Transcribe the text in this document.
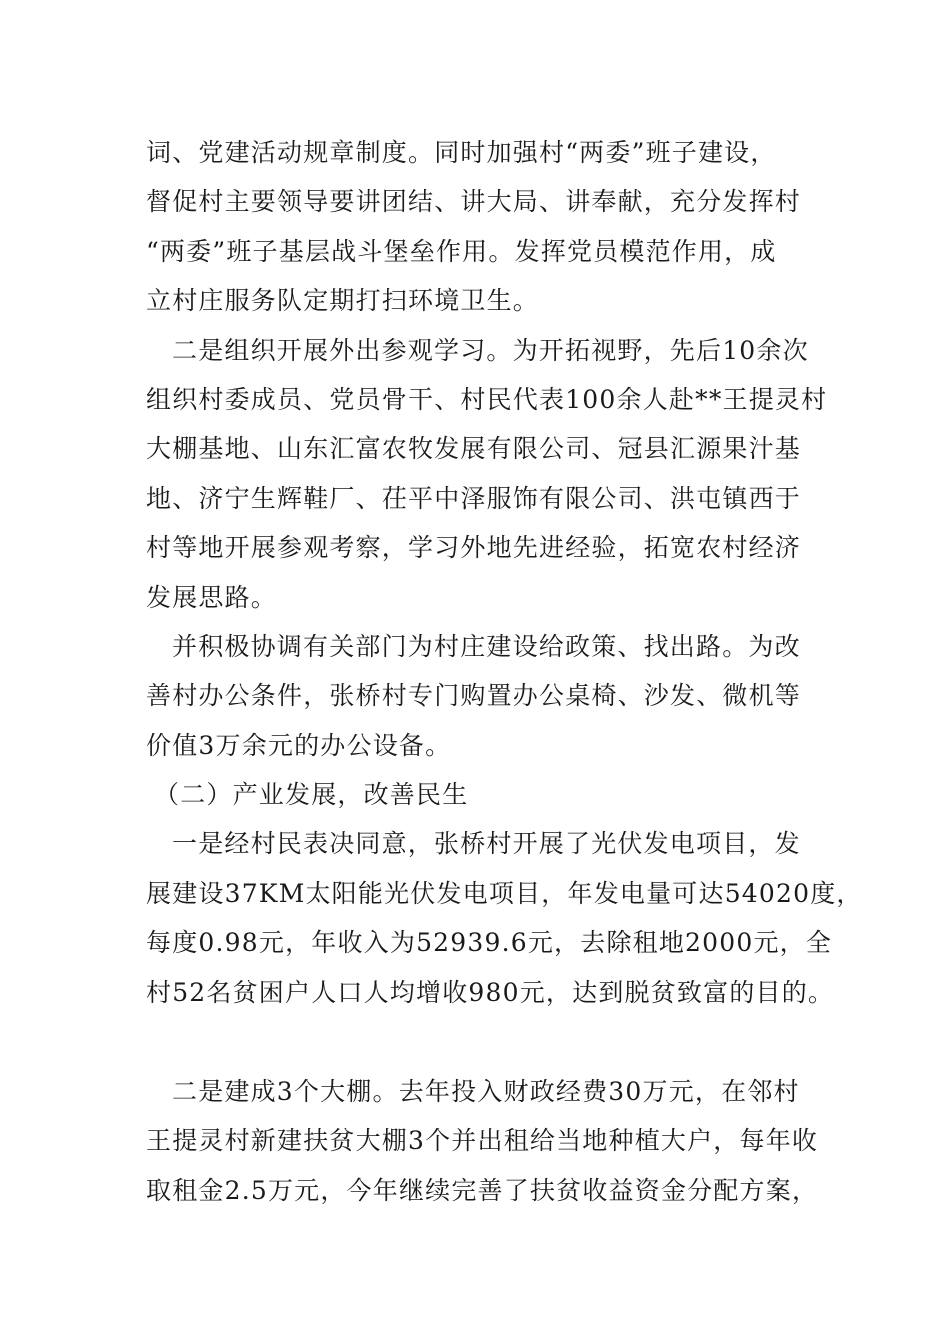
词、党建活动规章制度。同时加强村“两委”班子建设，
督促村主要领导要讲团结、讲大局、讲奉献，充分发挥村
“两委”班子基层战斗堡垒作用。发挥党员模范作用，成
立村庄服务队定期打扫环境卫生。
二是组织开展外出参观学习。为开拓视野，先后10余次
组织村委成员、党员骨干、村民代表100余人赴**王提灵村
大棚基地、山东汇富农牧发展有限公司、冠县汇源果汁基
地、济宁生辉鞋厂、茌平中泽服饰有限公司、洪屯镇西于
村等地开展参观考察，学习外地先进经验，拓宽农村经济
发展思路。
并积极协调有关部门为村庄建设给政策、找出路。为改
善村办公条件，张桥村专门购置办公桌椅、沙发、微机等
价值3万余元的办公设备。
（二）产业发展，改善民生
一是经村民表决同意，张桥村开展了光伏发电项目，发
展建设37KM太阳能光伏发电项目，年发电量可达54020度，
每度0.98元，年收入为52939.6元，去除租地2000元，全
村52名贫困户人口人均增收980元，达到脱贫致富的目的。
二是建成3个大棚。去年投入财政经费30万元，在邻村
王提灵村新建扶贫大棚3个并出租给当地种植大户，每年收
取租金2.5万元，今年继续完善了扶贫收益资金分配方案，
